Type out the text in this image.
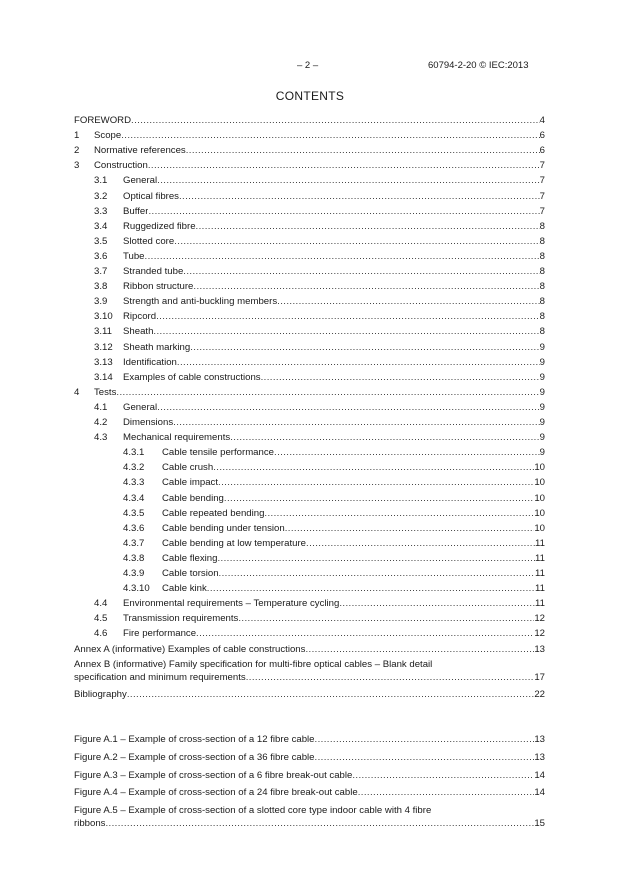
– 2 –	60794-2-20 © IEC:2013
CONTENTS
FOREWORD .....	4
1	Scope .....	6
2	Normative references .....	6
3	Construction .....	7
3.1	General .....	7
3.2	Optical fibres .....	7
3.3	Buffer .....	7
3.4	Ruggedized fibre .....	8
3.5	Slotted core .....	8
3.6	Tube .....	8
3.7	Stranded tube .....	8
3.8	Ribbon structure .....	8
3.9	Strength and anti-buckling members .....	8
3.10	Ripcord .....	8
3.11	Sheath .....	8
3.12	Sheath marking .....	9
3.13	Identification .....	9
3.14	Examples of cable constructions .....	9
4	Tests .....	9
4.1	General .....	9
4.2	Dimensions .....	9
4.3	Mechanical requirements .....	9
4.3.1	Cable tensile performance .....	9
4.3.2	Cable crush .....	10
4.3.3	Cable impact .....	10
4.3.4	Cable bending .....	10
4.3.5	Cable repeated bending .....	10
4.3.6	Cable bending under tension .....	10
4.3.7	Cable bending at low temperature .....	11
4.3.8	Cable flexing .....	11
4.3.9	Cable torsion .....	11
4.3.10	Cable kink .....	11
4.4	Environmental requirements – Temperature cycling .....	11
4.5	Transmission requirements .....	12
4.6	Fire performance .....	12
Annex A (informative) Examples of cable constructions .....	13
Annex B (informative) Family specification for multi-fibre optical cables – Blank detail
specification and minimum requirements .....	17
Bibliography .....	22
Figure A.1 – Example of cross-section of a 12 fibre cable .....	13
Figure A.2 – Example of cross-section of a 36 fibre cable .....	13
Figure A.3 – Example of cross-section of a 6 fibre break-out cable .....	14
Figure A.4 – Example of cross-section of a 24 fibre break-out cable .....	14
Figure A.5 – Example of cross-section of a slotted core type indoor cable with 4 fibre
ribbons .....	15
